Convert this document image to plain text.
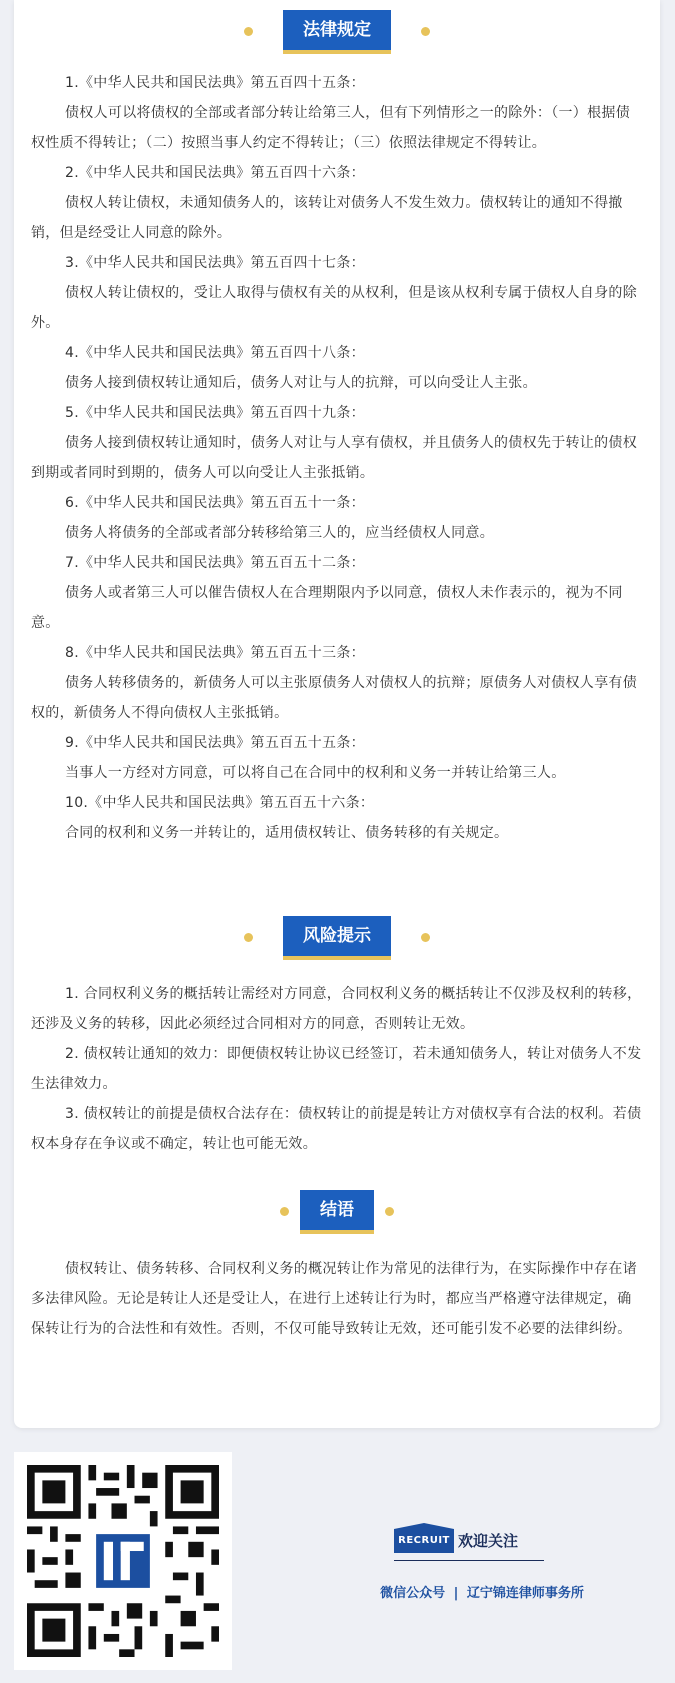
法律规定

1.《中华人民共和国民法典》第五百四十五条：

债权人可以将债权的全部或者部分转让给第三人，但有下列情形之一的除外：（一）根据债权性质不得转让；（二）按照当事人约定不得转让；（三）依照法律规定不得转让。

2.《中华人民共和国民法典》第五百四十六条：

债权人转让债权，未通知债务人的，该转让对债务人不发生效力。债权转让的通知不得撤销，但是经受让人同意的除外。

3.《中华人民共和国民法典》第五百四十七条：

债权人转让债权的，受让人取得与债权有关的从权利，但是该从权利专属于债权人自身的除外。

4.《中华人民共和国民法典》第五百四十八条：

债务人接到债权转让通知后，债务人对让与人的抗辩，可以向受让人主张。

5.《中华人民共和国民法典》第五百四十九条：

债务人接到债权转让通知时，债务人对让与人享有债权，并且债务人的债权先于转让的债权到期或者同时到期的，债务人可以向受让人主张抵销。

6.《中华人民共和国民法典》第五百五十一条：

债务人将债务的全部或者部分转移给第三人的，应当经债权人同意。

7.《中华人民共和国民法典》第五百五十二条：

债务人或者第三人可以催告债权人在合理期限内予以同意，债权人未作表示的，视为不同意。

8.《中华人民共和国民法典》第五百五十三条：

债务人转移债务的，新债务人可以主张原债务人对债权人的抗辩；原债务人对债权人享有债权的，新债务人不得向债权人主张抵销。

9.《中华人民共和国民法典》第五百五十五条：

当事人一方经对方同意，可以将自己在合同中的权利和义务一并转让给第三人。

10.《中华人民共和国民法典》第五百五十六条：

合同的权利和义务一并转让的，适用债权转让、债务转移的有关规定。

风险提示

1. 合同权利义务的概括转让需经对方同意，合同权利义务的概括转让不仅涉及权利的转移，还涉及义务的转移，因此必须经过合同相对方的同意，否则转让无效。

2. 债权转让通知的效力：即便债权转让协议已经签订，若未通知债务人，转让对债务人不发生法律效力。

3. 债权转让的前提是债权合法存在：债权转让的前提是转让方对债权享有合法的权利。若债权本身存在争议或不确定，转让也可能无效。

结语

债权转让、债务转移、合同权利义务的概况转让作为常见的法律行为，在实际操作中存在诸多法律风险。无论是转让人还是受让人，在进行上述转让行为时，都应当严格遵守法律规定，确保转让行为的合法性和有效性。否则，不仅可能导致转让无效，还可能引发不必要的法律纠纷。

RECRUIT 欢迎关注
微信公众号 | 辽宁锦连律师事务所
